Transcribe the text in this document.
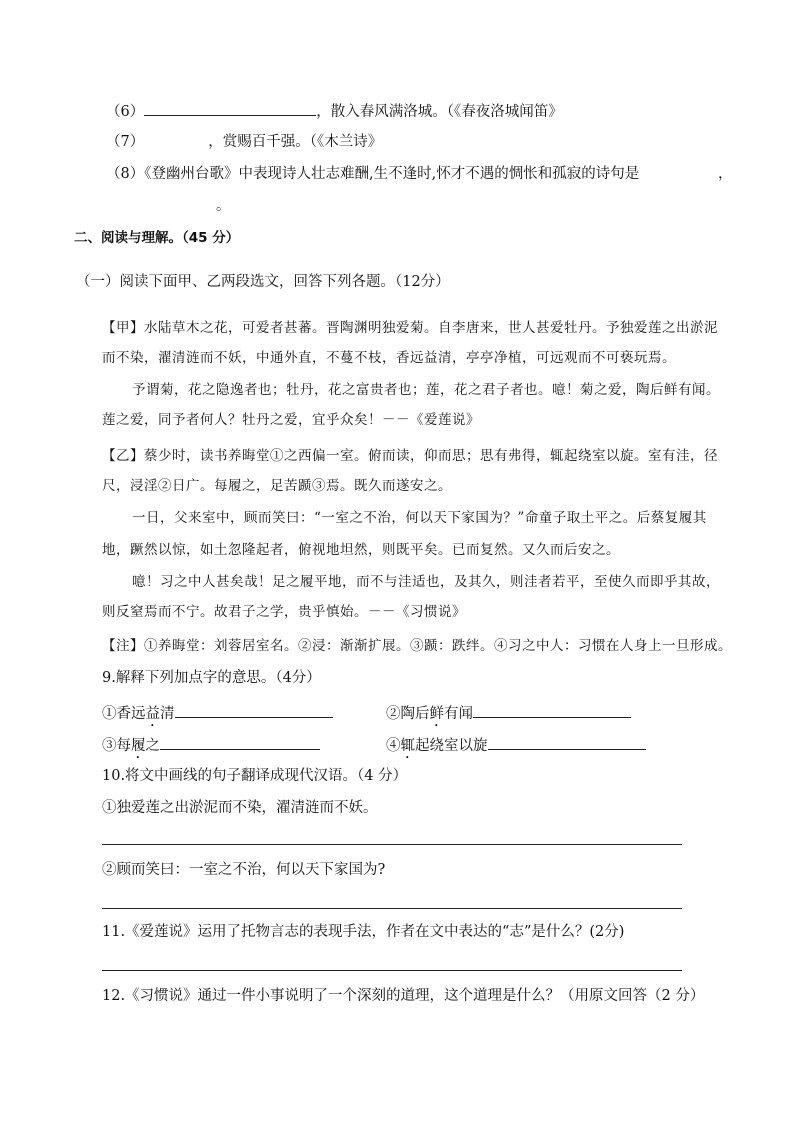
（6）	，散入春风满洛城。（《春夜洛城闻笛》
（7）	，赏赐百千强。（《木兰诗》
（8）《登幽州台歌》中表现诗人壮志难酬,生不逢时,怀才不遇的惆怅和孤寂的诗句是	，
。
二、阅读与理解。（45 分）
（一）阅读下面甲、乙两段选文，回答下列各题。（12分）
【甲】水陆草木之花，可爱者甚蕃。晋陶渊明独爱菊。自李唐来，世人甚爱牡丹。予独爱莲之出淤泥
而不染，濯清涟而不妖，中通外直，不蔓不枝，香远益清，亭亭净植，可远观而不可亵玩焉。
予谓菊，花之隐逸者也；牡丹，花之富贵者也；莲，花之君子者也。噫！菊之爱，陶后鲜有闻。
莲之爱，同予者何人？牡丹之爱，宜乎众矣！－－《爱莲说》
【乙】蔡少时，读书养晦堂①之西偏一室。俯而读，仰而思；思有弗得，辄起绕室以旋。室有洼，径
尺，浸淫②日广。每履之，足苦踬③焉。既久而遂安之。
一日，父来室中，顾而笑曰：“一室之不治，何以天下家国为？”命童子取土平之。后蔡复履其
地，蹶然以惊，如土忽隆起者，俯视地坦然，则既平矣。已而复然。又久而后安之。
噫！习之中人甚矣哉！足之履平地，而不与洼适也，及其久，则洼者若平，至使久而即乎其故，
则反窒焉而不宁。故君子之学，贵乎慎始。－－《习惯说》
【注】①养晦堂：刘蓉居室名。②浸：渐渐扩展。③踬：跌绊。④习之中人：习惯在人身上一旦形成。
9.解释下列加点字的意思。（4分）
①香远益清	②陶后鲜有闻
③每履之	④辄起绕室以旋
10.将文中画线的句子翻译成现代汉语。（4 分）
①独爱莲之出淤泥而不染，濯清涟而不妖。
②顾而笑曰：一室之不治，何以天下家国为?
11.《爱莲说》运用了托物言志的表现手法，作者在文中表达的“志”是什么？(2分)
12.《习惯说》通过一件小事说明了一个深刻的道理，这个道理是什么？（用原文回答（2 分）
